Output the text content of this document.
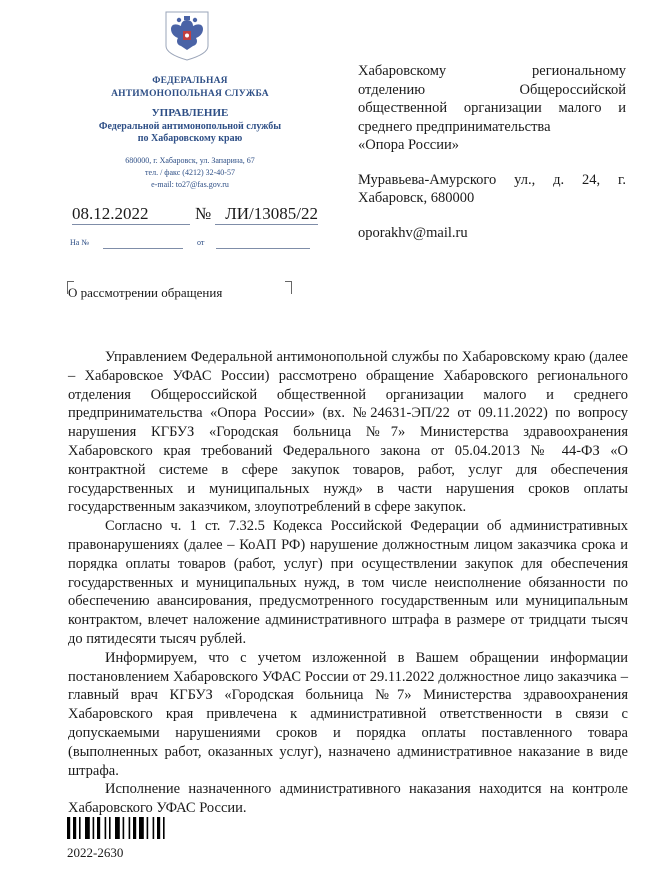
ФЕДЕРАЛЬНАЯ
АНТИМОНОПОЛЬНАЯ СЛУЖБА
УПРАВЛЕНИЕ
Федеральной антимонопольной службы
по Хабаровскому краю
680000, г. Хабаровск, ул. Запарина, 67
тел. / факс (4212) 32-40-57
e-mail: to27@fas.gov.ru
08.12.2022	№ ЛИ/13085/22
На №	от
О рассмотрении обращения
Хабаровскому региональному
отделению Общероссийской
общественной организации малого и
среднего предпринимательства
«Опора России»
Муравьева-Амурского ул., д. 24, г.
Хабаровск, 680000
oporakhv@mail.ru

Управлением Федеральной антимонопольной службы по Хабаровскому краю (далее – Хабаровское УФАС России) рассмотрено обращение Хабаровского регионального отделения Общероссийской общественной организации малого и среднего предпринимательства «Опора России» (вх. №24631-ЭП/22 от 09.11.2022) по вопросу нарушения КГБУЗ «Городская больница №7» Министерства здравоохранения Хабаровского края требований Федерального закона от 05.04.2013 № 44-ФЗ «О контрактной системе в сфере закупок товаров, работ, услуг для обеспечения государственных и муниципальных нужд» в части нарушения сроков оплаты государственным заказчиком, злоупотреблений в сфере закупок.

Согласно ч. 1 ст. 7.32.5 Кодекса Российской Федерации об административных правонарушениях (далее – КоАП РФ) нарушение должностным лицом заказчика срока и порядка оплаты товаров (работ, услуг) при осуществлении закупок для обеспечения государственных и муниципальных нужд, в том числе неисполнение обязанности по обеспечению авансирования, предусмотренного государственным или муниципальным контрактом, влечет наложение административного штрафа в размере от тридцати тысяч до пятидесяти тысяч рублей.

Информируем, что с учетом изложенной в Вашем обращении информации постановлением Хабаровского УФАС России от 29.11.2022 должностное лицо заказчика – главный врач КГБУЗ «Городская больница №7» Министерства здравоохранения Хабаровского края привлечена к административной ответственности в связи с допускаемыми нарушениями сроков и порядка оплаты поставленного товара (выполненных работ, оказанных услуг), назначено административное наказание в виде штрафа.

Исполнение назначенного административного наказания находится на контроле Хабаровского УФАС России.

2022-2630
